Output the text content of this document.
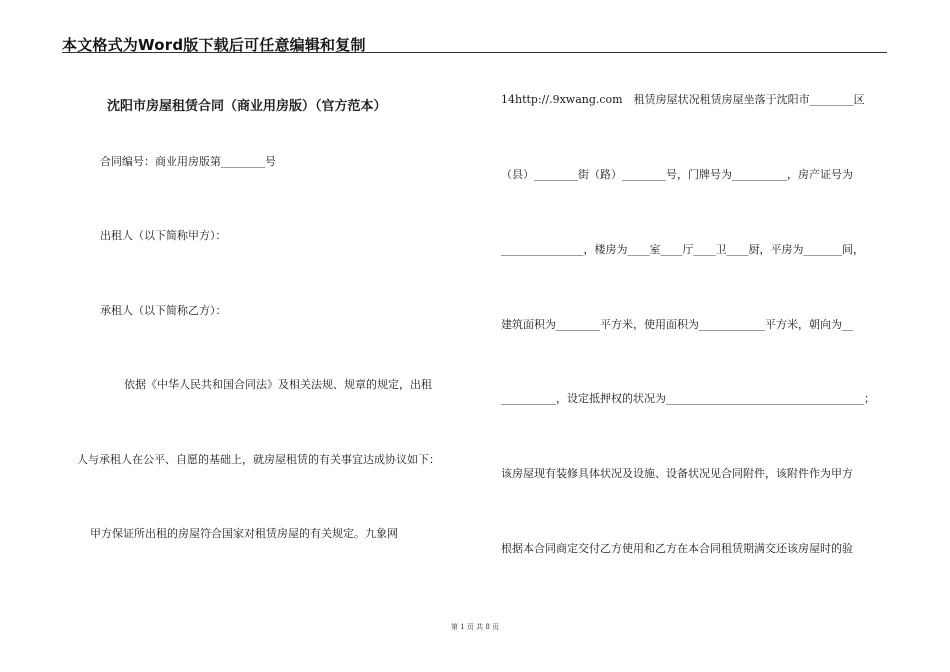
本文格式为Word版下载后可任意编辑和复制
沈阳市房屋租赁合同（商业用房版）（官方范本）
合同编号：商业用房版第________号
出租人（以下简称甲方）：
承租人（以下简称乙方）：
依据《中华人民共和国合同法》及相关法规、规章的规定，出租
人与承租人在公平、自愿的基础上，就房屋租赁的有关事宜达成协议如下：
甲方保证所出租的房屋符合国家对租赁房屋的有关规定。九象网
14http://.9xwang.com　租赁房屋状况租赁房屋坐落于沈阳市________区
（县）________街（路）________号，门牌号为__________，房产证号为
_______________，楼房为____室____厅____卫____厨，平房为_______间，
建筑面积为________平方米，使用面积为____________平方米，朝向为__
__________，设定抵押权的状况为____________________________________；
该房屋现有装修具体状况及设施、设备状况见合同附件，该附件作为甲方
根据本合同商定交付乙方使用和乙方在本合同租赁期满交还该房屋时的验
第 1 页 共 8 页
